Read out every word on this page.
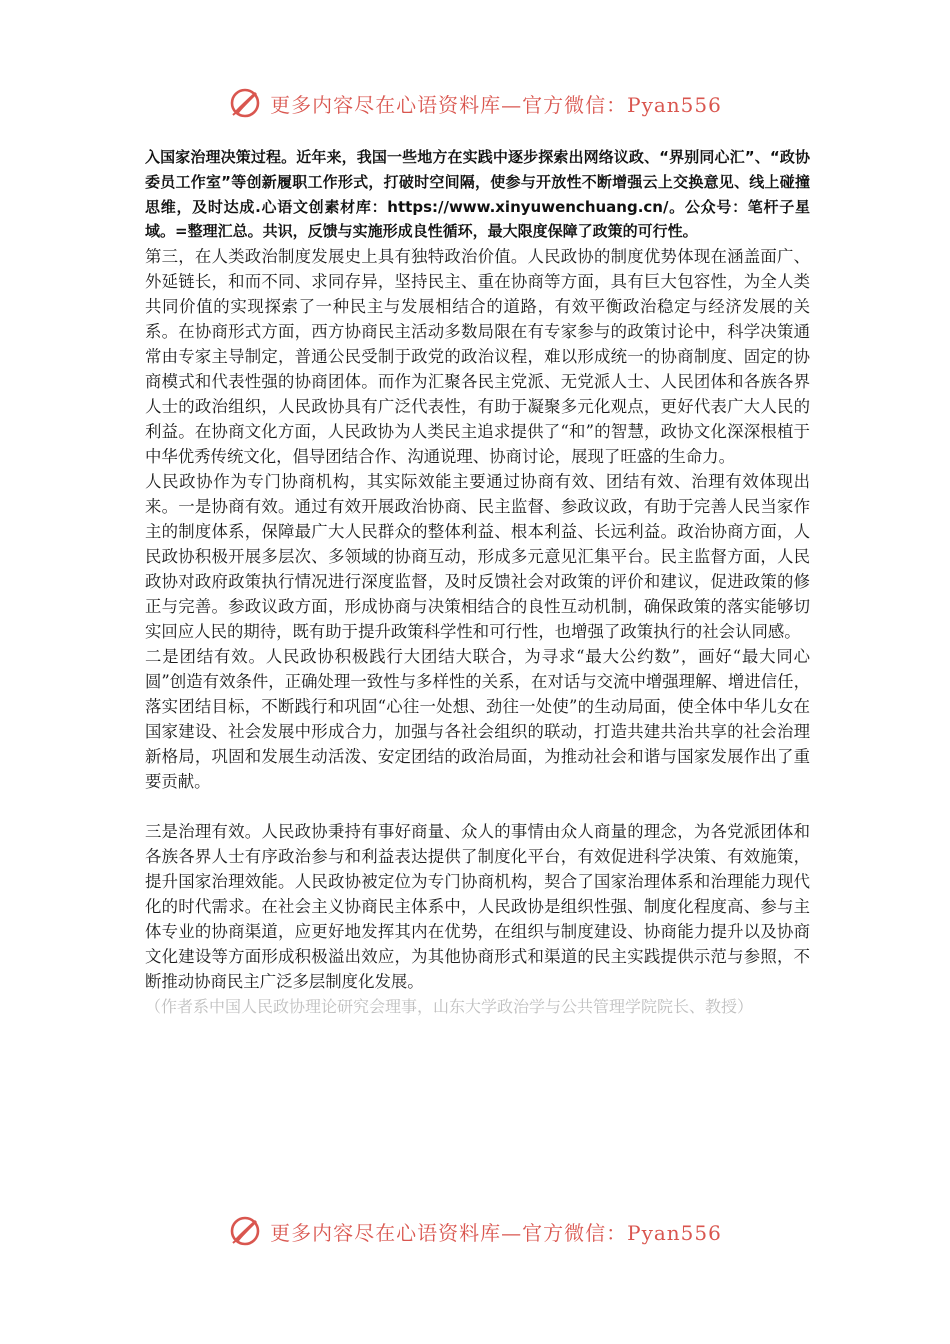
更多内容尽在心语资料库—官方微信：Pyan556

入国家治理决策过程。近年来，我国一些地方在实践中逐步探索出网络议政、“界别同心汇”、“政协委员工作室”等创新履职工作形式，打破时空间隔，使参与开放性不断增强云上交换意见、线上碰撞思维，及时达成.心语文创素材库：https://www.xinyuwenchuang.cn/。公众号：笔杆子星域。=整理汇总。共识，反馈与实施形成良性循环，最大限度保障了政策的可行性。

第三，在人类政治制度发展史上具有独特政治价值。人民政协的制度优势体现在涵盖面广、外延链长，和而不同、求同存异，坚持民主、重在协商等方面，具有巨大包容性，为全人类共同价值的实现探索了一种民主与发展相结合的道路，有效平衡政治稳定与经济发展的关系。在协商形式方面，西方协商民主活动多数局限在有专家参与的政策讨论中，科学决策通常由专家主导制定，普通公民受制于政党的政治议程，难以形成统一的协商制度、固定的协商模式和代表性强的协商团体。而作为汇聚各民主党派、无党派人士、人民团体和各族各界人士的政治组织，人民政协具有广泛代表性，有助于凝聚多元化观点，更好代表广大人民的利益。在协商文化方面，人民政协为人类民主追求提供了“和”的智慧，政协文化深深根植于中华优秀传统文化，倡导团结合作、沟通说理、协商讨论，展现了旺盛的生命力。

人民政协作为专门协商机构，其实际效能主要通过协商有效、团结有效、治理有效体现出来。一是协商有效。通过有效开展政治协商、民主监督、参政议政，有助于完善人民当家作主的制度体系，保障最广大人民群众的整体利益、根本利益、长远利益。政治协商方面，人民政协积极开展多层次、多领域的协商互动，形成多元意见汇集平台。民主监督方面，人民政协对政府政策执行情况进行深度监督，及时反馈社会对政策的评价和建议，促进政策的修正与完善。参政议政方面，形成协商与决策相结合的良性互动机制，确保政策的落实能够切实回应人民的期待，既有助于提升政策科学性和可行性，也增强了政策执行的社会认同感。

二是团结有效。人民政协积极践行大团结大联合，为寻求“最大公约数”，画好“最大同心圆”创造有效条件，正确处理一致性与多样性的关系，在对话与交流中增强理解、增进信任，落实团结目标，不断践行和巩固“心往一处想、劲往一处使”的生动局面，使全体中华儿女在国家建设、社会发展中形成合力，加强与各社会组织的联动，打造共建共治共享的社会治理新格局，巩固和发展生动活泼、安定团结的政治局面，为推动社会和谐与国家发展作出了重要贡献。

三是治理有效。人民政协秉持有事好商量、众人的事情由众人商量的理念，为各党派团体和各族各界人士有序政治参与和利益表达提供了制度化平台，有效促进科学决策、有效施策，提升国家治理效能。人民政协被定位为专门协商机构，契合了国家治理体系和治理能力现代化的时代需求。在社会主义协商民主体系中，人民政协是组织性强、制度化程度高、参与主体专业的协商渠道，应更好地发挥其内在优势，在组织与制度建设、协商能力提升以及协商文化建设等方面形成积极溢出效应，为其他协商形式和渠道的民主实践提供示范与参照，不断推动协商民主广泛多层制度化发展。

（作者系中国人民政协理论研究会理事，山东大学政治学与公共管理学院院长、教授）

更多内容尽在心语资料库—官方微信：Pyan556
